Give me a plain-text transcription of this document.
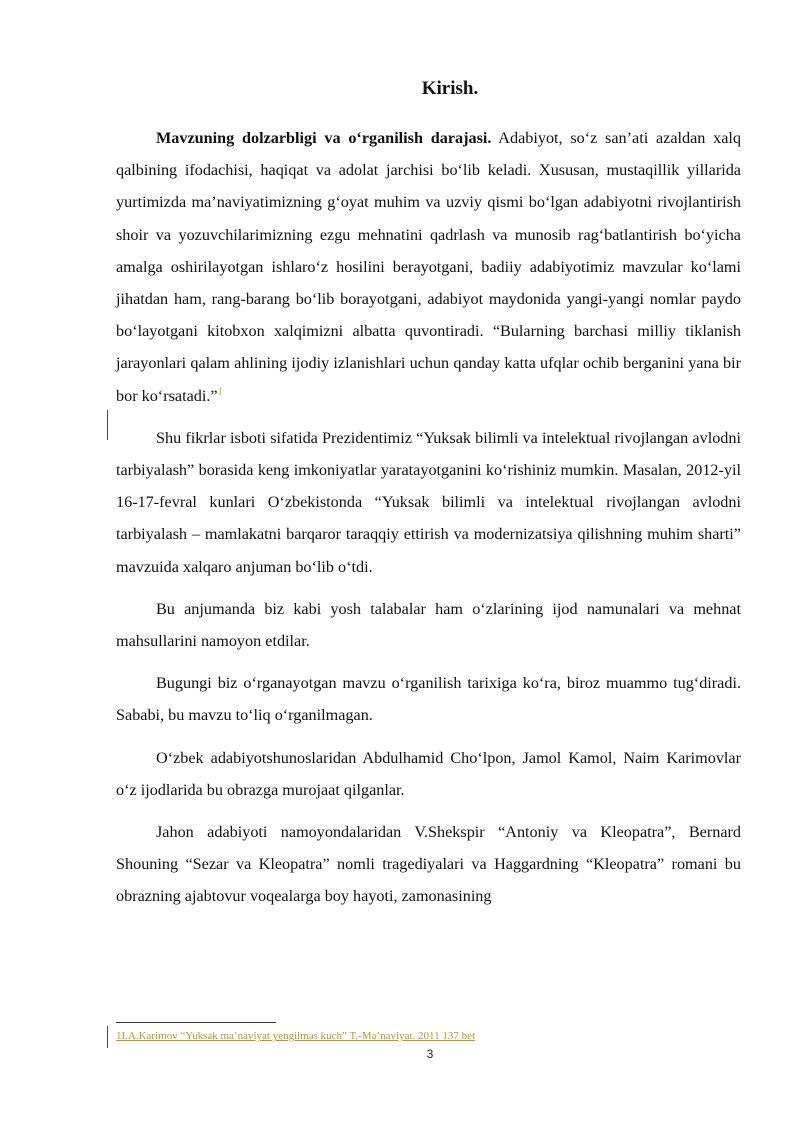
Kirish.

Mavzuning dolzarbligi va oʻrganilish darajasi. Adabiyot, so‘z san’ati azaldan xalq qalbining ifodachisi, haqiqat va adolat jarchisi bo‘lib keladi. Xususan, mustaqillik yillarida yurtimizda ma’naviyatimizning g‘oyat muhim va uzviy qismi bo‘lgan adabiyotni rivojlantirish shoir va yozuvchilarimizning ezgu mehnatini qadrlash va munosib rag‘batlantirish bo‘yicha amalga oshirilayotgan ishlaro‘z hosilini berayotgani, badiiy adabiyotimiz mavzular ko‘lami jihatdan ham, rang-barang bo‘lib borayotgani, adabiyot maydonida yangi-yangi nomlar paydo bo‘layotgani kitobxon xalqimizni albatta quvontiradi. “Bularning barchasi milliy tiklanish jarayonlari qalam ahlining ijodiy izlanishlari uchun qanday katta ufqlar ochib berganini yana bir bor ko‘rsatadi.”$^1$

Shu fikrlar isboti sifatida Prezidentimiz “Yuksak bilimli va intelektual rivojlangan avlodni tarbiyalash” borasida keng imkoniyatlar yaratayotganini ko‘rishiniz mumkin. Masalan, 2012-yil 16-17-fevral kunlari O‘zbekistonda “Yuksak bilimli va intelektual rivojlangan avlodni tarbiyalash – mamlakatni barqaror taraqqiy ettirish va modernizatsiya qilishning muhim sharti” mavzuida xalqaro anjuman bo‘lib o‘tdi.

Bu anjumanda biz kabi yosh talabalar ham o‘zlarining ijod namunalari va mehnat mahsullarini namoyon etdilar.

Bugungi biz o‘rganayotgan mavzu o‘rganilish tarixiga ko‘ra, biroz muammo tug‘diradi. Sababi, bu mavzu to‘liq o‘rganilmagan.

O‘zbek adabiyotshunoslaridan Abdulhamid Cho‘lpon, Jamol Kamol, Naim Karimovlar o‘z ijodlarida bu obrazga murojaat qilganlar.

Jahon adabiyoti namoyondalaridan V.Shekspir “Antoniy va Kleopatra”, Bernard Shouning “Sezar va Kleopatra” nomli tragediyalari va Haggardning “Kleopatra” romani bu obrazning ajabtovur voqealarga boy hayoti, zamonasining

1I.A.Karimov “Yuksak ma’naviyat yengilmas kuch” T.-Ma’naviyat. 2011 137 bet
3
